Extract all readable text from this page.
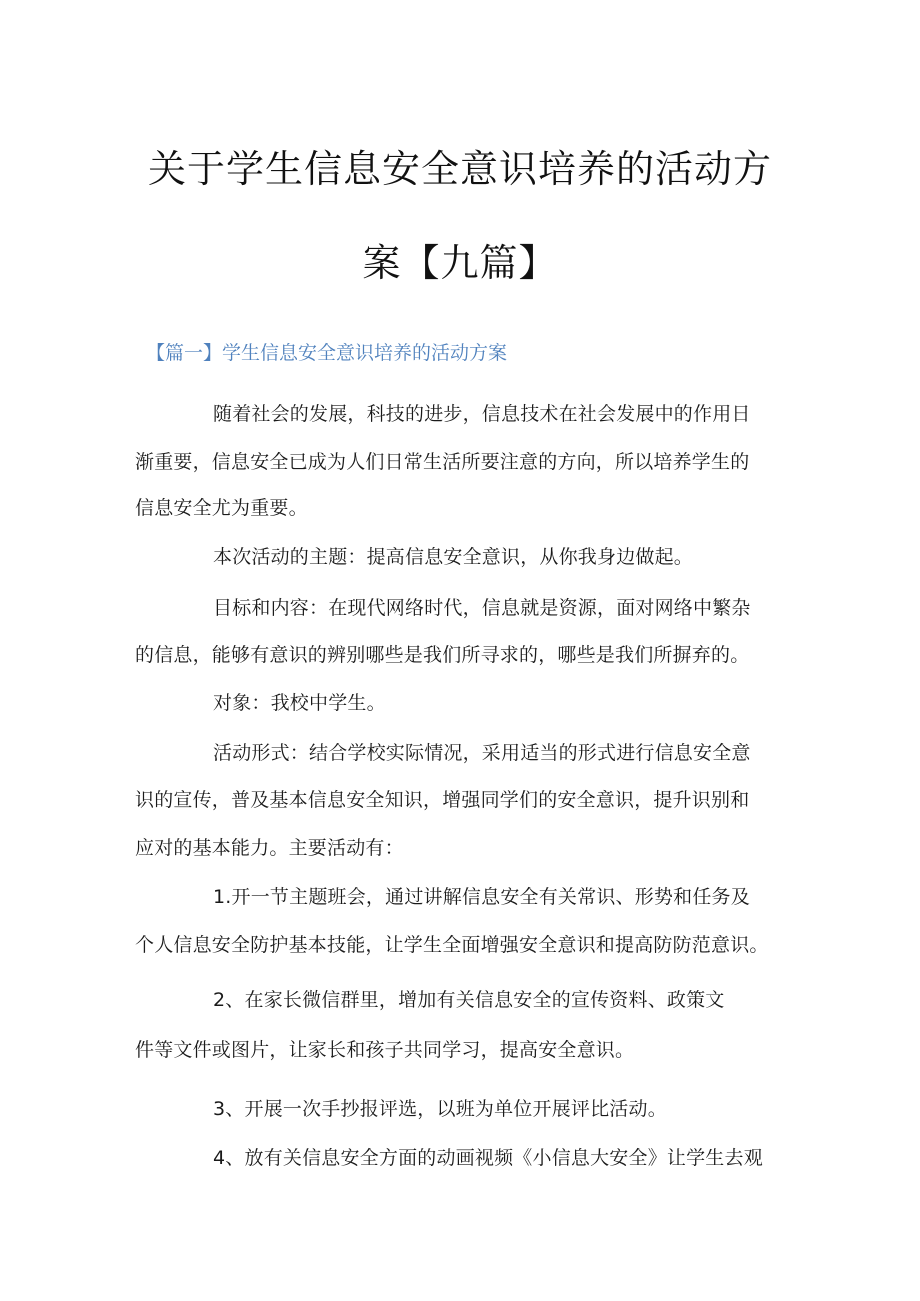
关于学生信息安全意识培养的活动方
案【九篇】
【篇一】学生信息安全意识培养的活动方案
随着社会的发展，科技的进步，信息技术在社会发展中的作用日
渐重要，信息安全已成为人们日常生活所要注意的方向，所以培养学生的
信息安全尤为重要。
本次活动的主题：提高信息安全意识，从你我身边做起。
目标和内容：在现代网络时代，信息就是资源，面对网络中繁杂
的信息，能够有意识的辨别哪些是我们所寻求的，哪些是我们所摒弃的。
对象：我校中学生。
活动形式：结合学校实际情况，采用适当的形式进行信息安全意
识的宣传，普及基本信息安全知识，增强同学们的安全意识，提升识别和
应对的基本能力。主要活动有：
1.开一节主题班会，通过讲解信息安全有关常识、形势和任务及
个人信息安全防护基本技能，让学生全面增强安全意识和提高防防范意识。
2、在家长微信群里，增加有关信息安全的宣传资料、政策文
件等文件或图片，让家长和孩子共同学习，提高安全意识。
3、开展一次手抄报评选，以班为单位开展评比活动。
4、放有关信息安全方面的动画视频《小信息大安全》让学生去观
